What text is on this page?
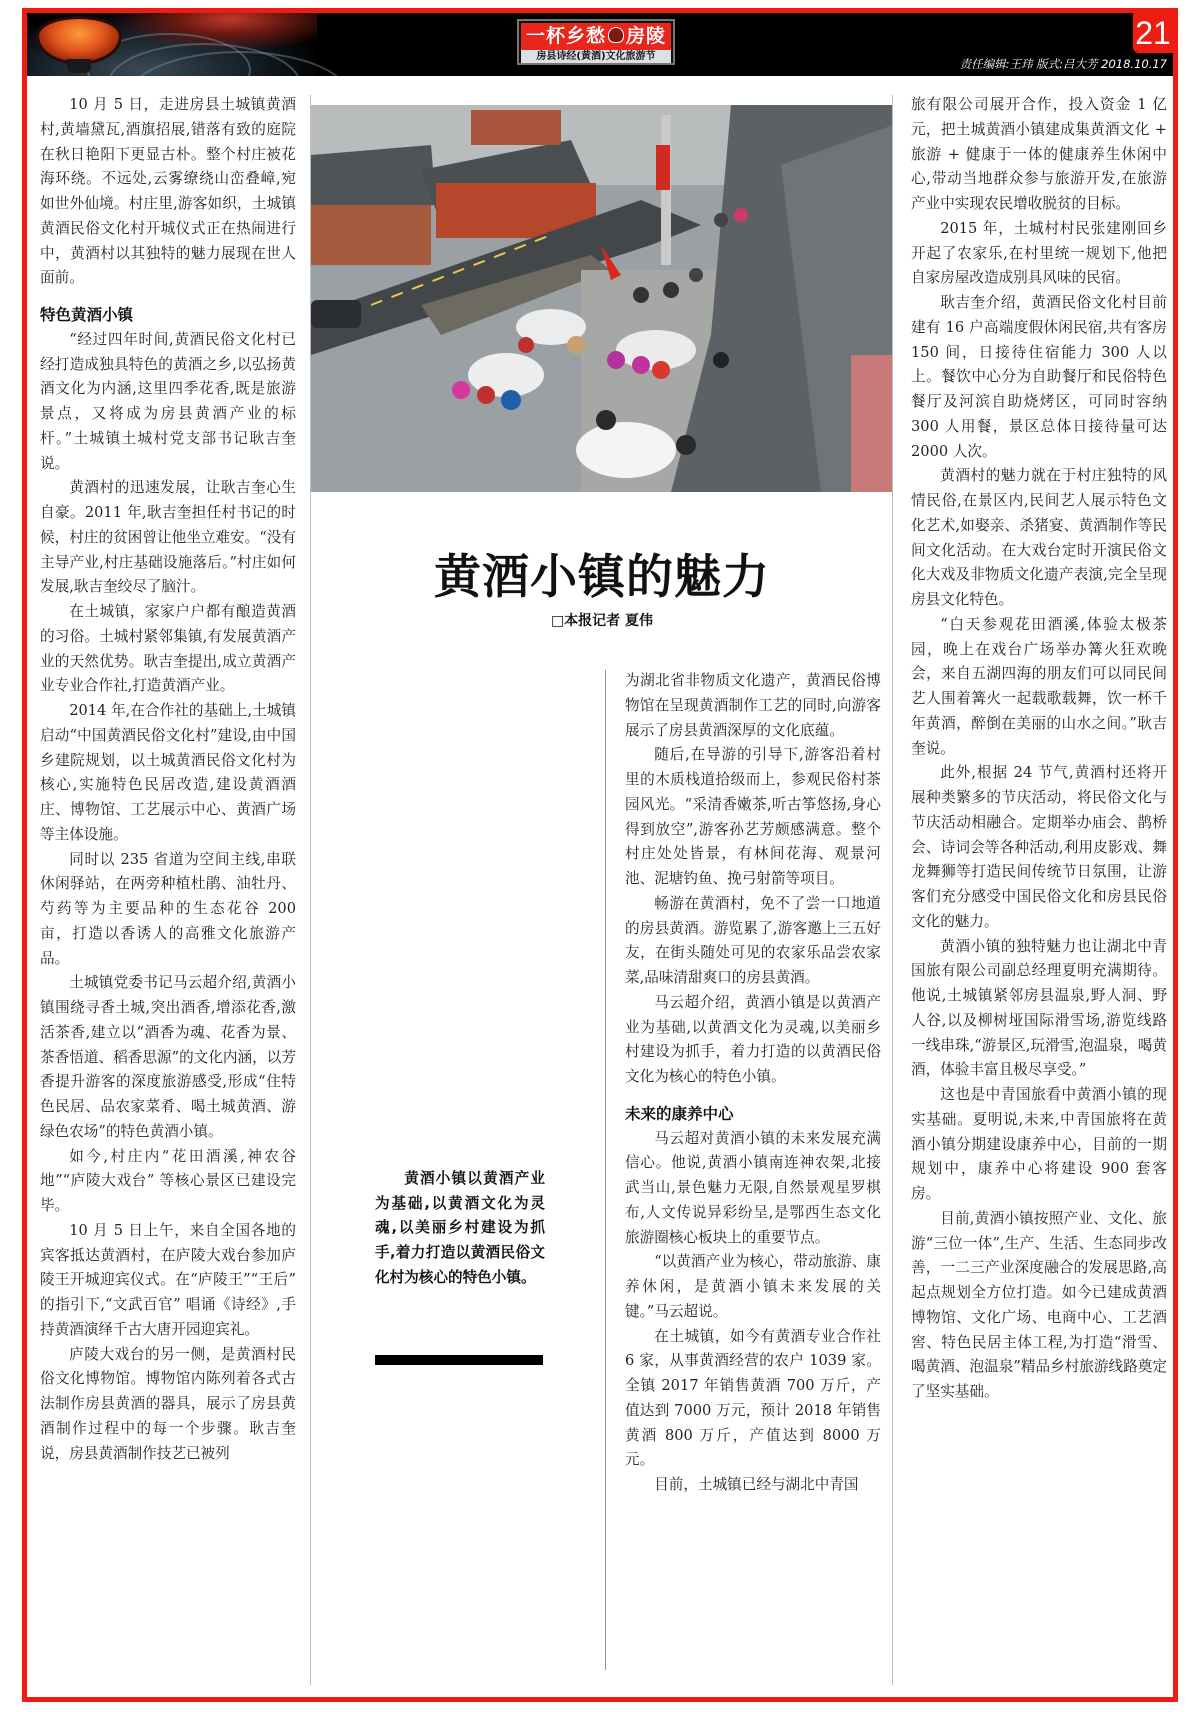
一杯乡愁 房陵
房县诗经(黄酒)文化旅游节
21
责任编辑:王玮 版式:吕大芳 2018.10.17

10 月 5 日，走进房县土城镇黄酒村,黄墙黛瓦,酒旗招展,错落有致的庭院在秋日艳阳下更显古朴。整个村庄被花海环绕。不远处,云雾缭绕山峦叠嶂,宛如世外仙境。村庄里,游客如织，土城镇黄酒民俗文化村开城仪式正在热闹进行中，黄酒村以其独特的魅力展现在世人面前。

特色黄酒小镇

“经过四年时间,黄酒民俗文化村已经打造成独具特色的黄酒之乡,以弘扬黄酒文化为内涵,这里四季花香,既是旅游景点，又将成为房县黄酒产业的标杆。”土城镇土城村党支部书记耿吉奎说。

黄酒村的迅速发展，让耿吉奎心生自豪。2011 年,耿吉奎担任村书记的时候，村庄的贫困曾让他坐立难安。“没有主导产业,村庄基础设施落后。”村庄如何发展,耿吉奎绞尽了脑汁。

在土城镇，家家户户都有酿造黄酒的习俗。土城村紧邻集镇,有发展黄酒产业的天然优势。耿吉奎提出,成立黄酒产业专业合作社,打造黄酒产业。

2014 年,在合作社的基础上,土城镇启动“中国黄酒民俗文化村”建设,由中国乡建院规划，以土城黄酒民俗文化村为核心,实施特色民居改造,建设黄酒酒庄、博物馆、工艺展示中心、黄酒广场等主体设施。

同时以 235 省道为空间主线,串联休闲驿站，在两旁种植杜鹃、油牡丹、芍药等为主要品种的生态花谷 200 亩，打造以香诱人的高雅文化旅游产品。

土城镇党委书记马云超介绍,黄酒小镇围绕寻香土城,突出酒香,增添花香,激活茶香,建立以“酒香为魂、花香为景、茶香悟道、稻香思源”的文化内涵，以芳香提升游客的深度旅游感受,形成“住特色民居、品农家菜肴、喝土城黄酒、游绿色农场”的特色黄酒小镇。

如今,村庄内“花田酒溪,神农谷地”“庐陵大戏台” 等核心景区已建设完毕。

10 月 5 日上午，来自全国各地的宾客抵达黄酒村，在庐陵大戏台参加庐陵王开城迎宾仪式。在“庐陵王”“王后” 的指引下,“文武百官” 唱诵《诗经》,手持黄酒演绎千古大唐开园迎宾礼。

庐陵大戏台的另一侧，是黄酒村民俗文化博物馆。博物馆内陈列着各式古法制作房县黄酒的器具，展示了房县黄酒制作过程中的每一个步骤。耿吉奎说，房县黄酒制作技艺已被列

黄酒小镇的魅力
□本报记者 夏伟

黄酒小镇以黄酒产业为基础,以黄酒文化为灵魂,以美丽乡村建设为抓手,着力打造以黄酒民俗文化村为核心的特色小镇。

为湖北省非物质文化遗产，黄酒民俗博物馆在呈现黄酒制作工艺的同时,向游客展示了房县黄酒深厚的文化底蕴。

随后,在导游的引导下,游客沿着村里的木质栈道拾级而上，参观民俗村茶园风光。“采清香嫩茶,听古筝悠扬,身心得到放空”,游客孙艺芳颇感满意。整个村庄处处皆景，有林间花海、观景河池、泥塘钓鱼、挽弓射箭等项目。

畅游在黄酒村，免不了尝一口地道的房县黄酒。游览累了,游客邀上三五好友，在街头随处可见的农家乐品尝农家菜,品味清甜爽口的房县黄酒。

马云超介绍，黄酒小镇是以黄酒产业为基础,以黄酒文化为灵魂,以美丽乡村建设为抓手，着力打造的以黄酒民俗文化为核心的特色小镇。

未来的康养中心

马云超对黄酒小镇的未来发展充满信心。他说,黄酒小镇南连神农架,北接武当山,景色魅力无限,自然景观星罗棋布,人文传说异彩纷呈,是鄂西生态文化旅游圈核心板块上的重要节点。

“以黄酒产业为核心，带动旅游、康养休闲，是黄酒小镇未来发展的关键。”马云超说。

在土城镇，如今有黄酒专业合作社 6 家，从事黄酒经营的农户 1039 家。全镇 2017 年销售黄酒 700 万斤，产值达到 7000 万元，预计 2018 年销售黄酒 800 万斤，产值达到 8000 万元。

目前，土城镇已经与湖北中青国

旅有限公司展开合作，投入资金 1 亿元，把土城黄酒小镇建成集黄酒文化 + 旅游 + 健康于一体的健康养生休闲中心,带动当地群众参与旅游开发,在旅游产业中实现农民增收脱贫的目标。

2015 年，土城村村民张建刚回乡开起了农家乐,在村里统一规划下,他把自家房屋改造成别具风味的民宿。

耿吉奎介绍，黄酒民俗文化村目前建有 16 户高端度假休闲民宿,共有客房 150 间，日接待住宿能力 300 人以上。餐饮中心分为自助餐厅和民俗特色餐厅及河滨自助烧烤区，可同时容纳 300 人用餐，景区总体日接待量可达 2000 人次。

黄酒村的魅力就在于村庄独特的风情民俗,在景区内,民间艺人展示特色文化艺术,如娶亲、杀猪宴、黄酒制作等民间文化活动。在大戏台定时开演民俗文化大戏及非物质文化遗产表演,完全呈现房县文化特色。

“白天参观花田酒溪,体验太极茶园，晚上在戏台广场举办篝火狂欢晚会，来自五湖四海的朋友们可以同民间艺人围着篝火一起载歌载舞，饮一杯千年黄酒，醉倒在美丽的山水之间。”耿吉奎说。

此外,根据 24 节气,黄酒村还将开展种类繁多的节庆活动，将民俗文化与节庆活动相融合。定期举办庙会、鹊桥会、诗词会等各种活动,利用皮影戏、舞龙舞狮等打造民间传统节日氛围，让游客们充分感受中国民俗文化和房县民俗文化的魅力。

黄酒小镇的独特魅力也让湖北中青国旅有限公司副总经理夏明充满期待。他说,土城镇紧邻房县温泉,野人洞、野人谷,以及柳树垭国际滑雪场,游览线路一线串珠,“游景区,玩滑雪,泡温泉，喝黄酒，体验丰富且极尽享受。”

这也是中青国旅看中黄酒小镇的现实基础。夏明说,未来,中青国旅将在黄酒小镇分期建设康养中心，目前的一期规划中，康养中心将建设 900 套客房。

目前,黄酒小镇按照产业、文化、旅游“三位一体”,生产、生活、生态同步改善，一二三产业深度融合的发展思路,高起点规划全方位打造。如今已建成黄酒博物馆、文化广场、电商中心、工艺酒窖、特色民居主体工程,为打造“滑雪、喝黄酒、泡温泉”精品乡村旅游线路奠定了坚实基础。
